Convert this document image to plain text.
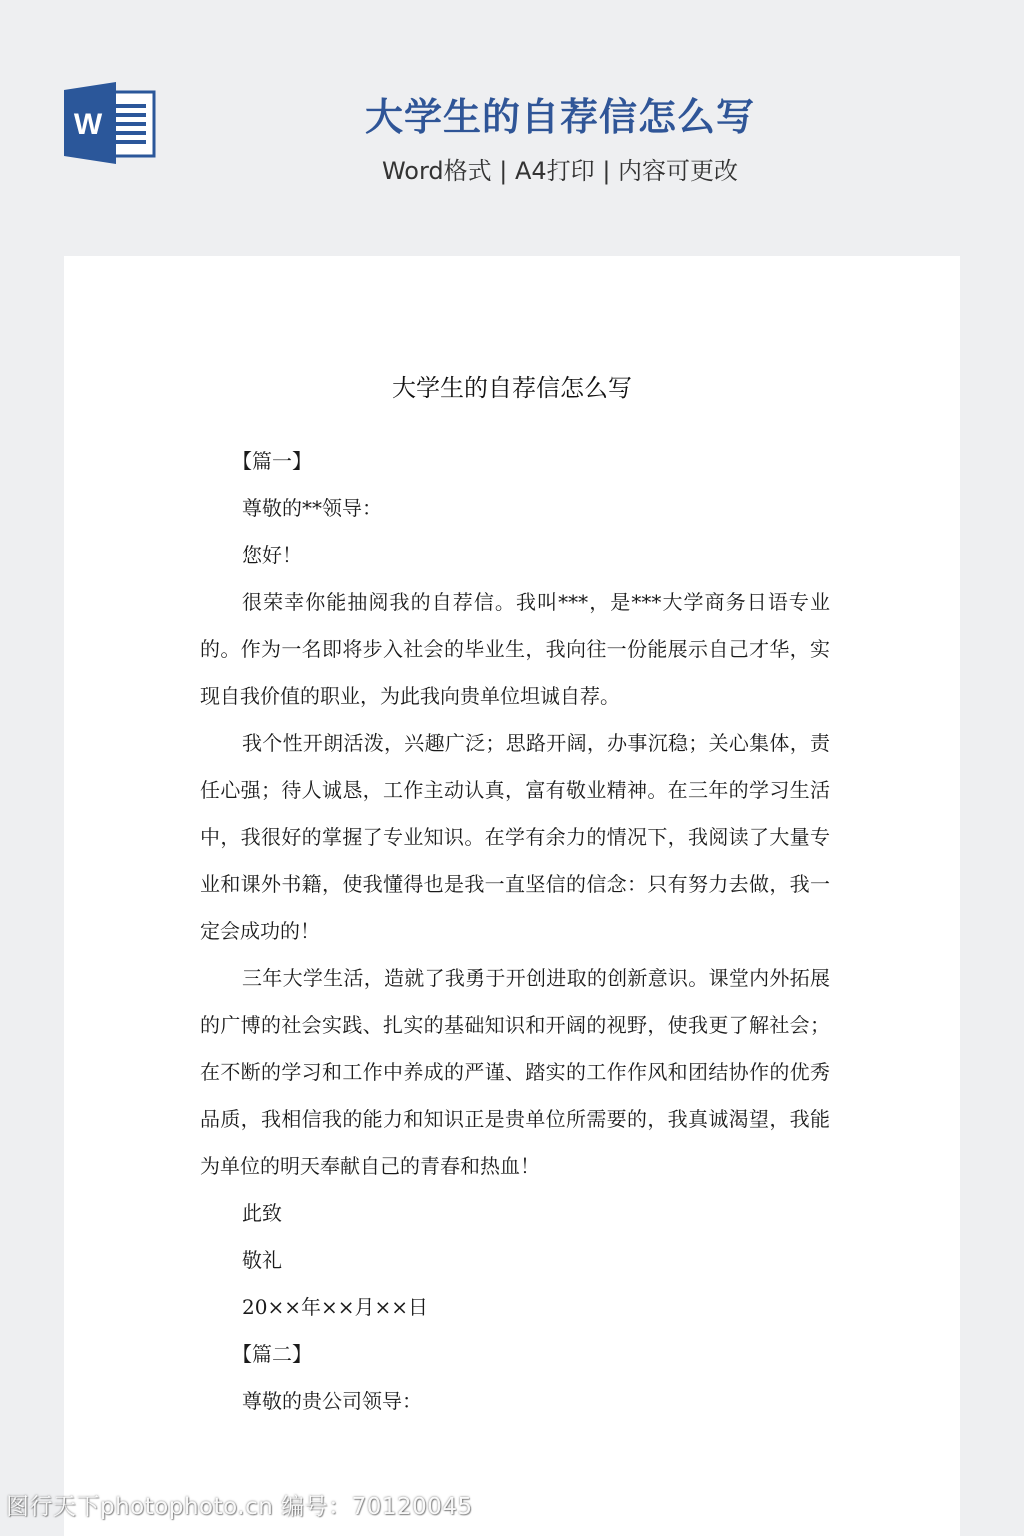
W	大学生的自荐信怎么写
Word格式 | A4打印 | 内容可更改
大学生的自荐信怎么写

【篇一】

尊敬的**领导：

您好！

很荣幸你能抽阅我的自荐信。我叫***，是***大学商务日语专业的。作为一名即将步入社会的毕业生，我向往一份能展示自己才华，实现自我价值的职业，为此我向贵单位坦诚自荐。

我个性开朗活泼，兴趣广泛；思路开阔，办事沉稳；关心集体，责任心强；待人诚恳，工作主动认真，富有敬业精神。在三年的学习生活中，我很好的掌握了专业知识。在学有余力的情况下，我阅读了大量专业和课外书籍，使我懂得也是我一直坚信的信念：只有努力去做，我一定会成功的！

三年大学生活，造就了我勇于开创进取的创新意识。课堂内外拓展的广博的社会实践、扎实的基础知识和开阔的视野，使我更了解社会；在不断的学习和工作中养成的严谨、踏实的工作作风和团结协作的优秀品质，我相信我的能力和知识正是贵单位所需要的，我真诚渴望，我能为单位的明天奉献自己的青春和热血！

此致

敬礼

20××年××月××日

【篇二】

尊敬的贵公司领导：

图行天下photophoto.cn 编号：70120045
